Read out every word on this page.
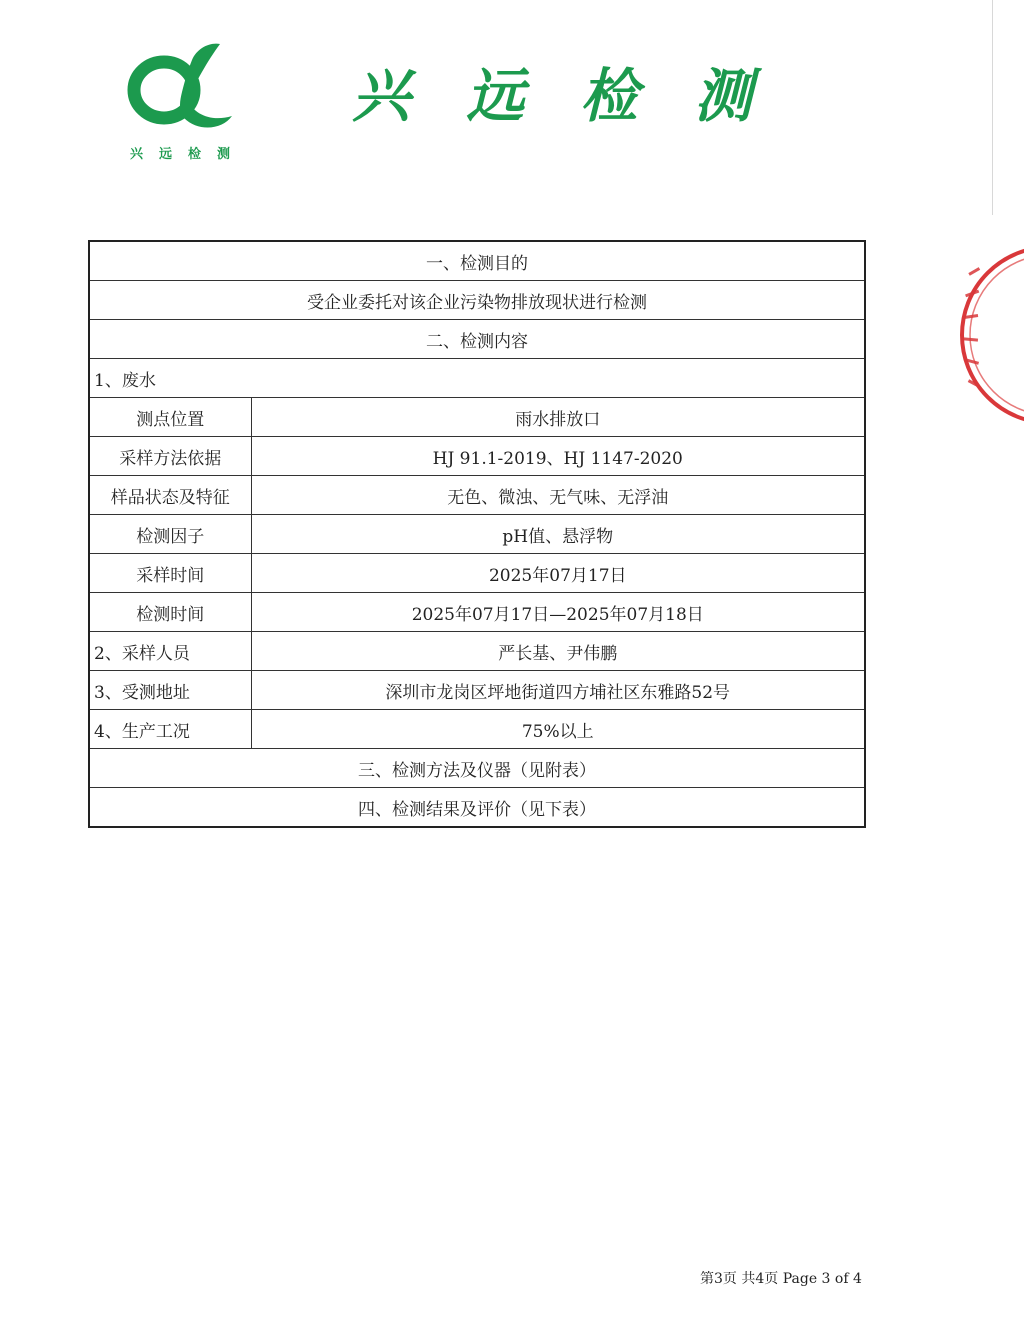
兴 远 检 测
兴 远 检 测
一、检测目的	
受企业委托对该企业污染物排放现状进行检测	
二、检测内容	
1、废水	
测点位置	雨水排放口
采样方法依据	HJ 91.1-2019、HJ 1147-2020
样品状态及特征	无色、微浊、无气味、无浮油
检测因子	pH值、悬浮物
采样时间	2025年07月17日
检测时间	2025年07月17日—2025年07月18日
2、采样人员	严长基、尹伟鹏
3、受测地址	深圳市龙岗区坪地街道四方埔社区东雅路52号
4、生产工况	75%以上
三、检测方法及仪器（见附表）	
四、检测结果及评价（见下表）	
第3页 共4页 Page 3 of 4
